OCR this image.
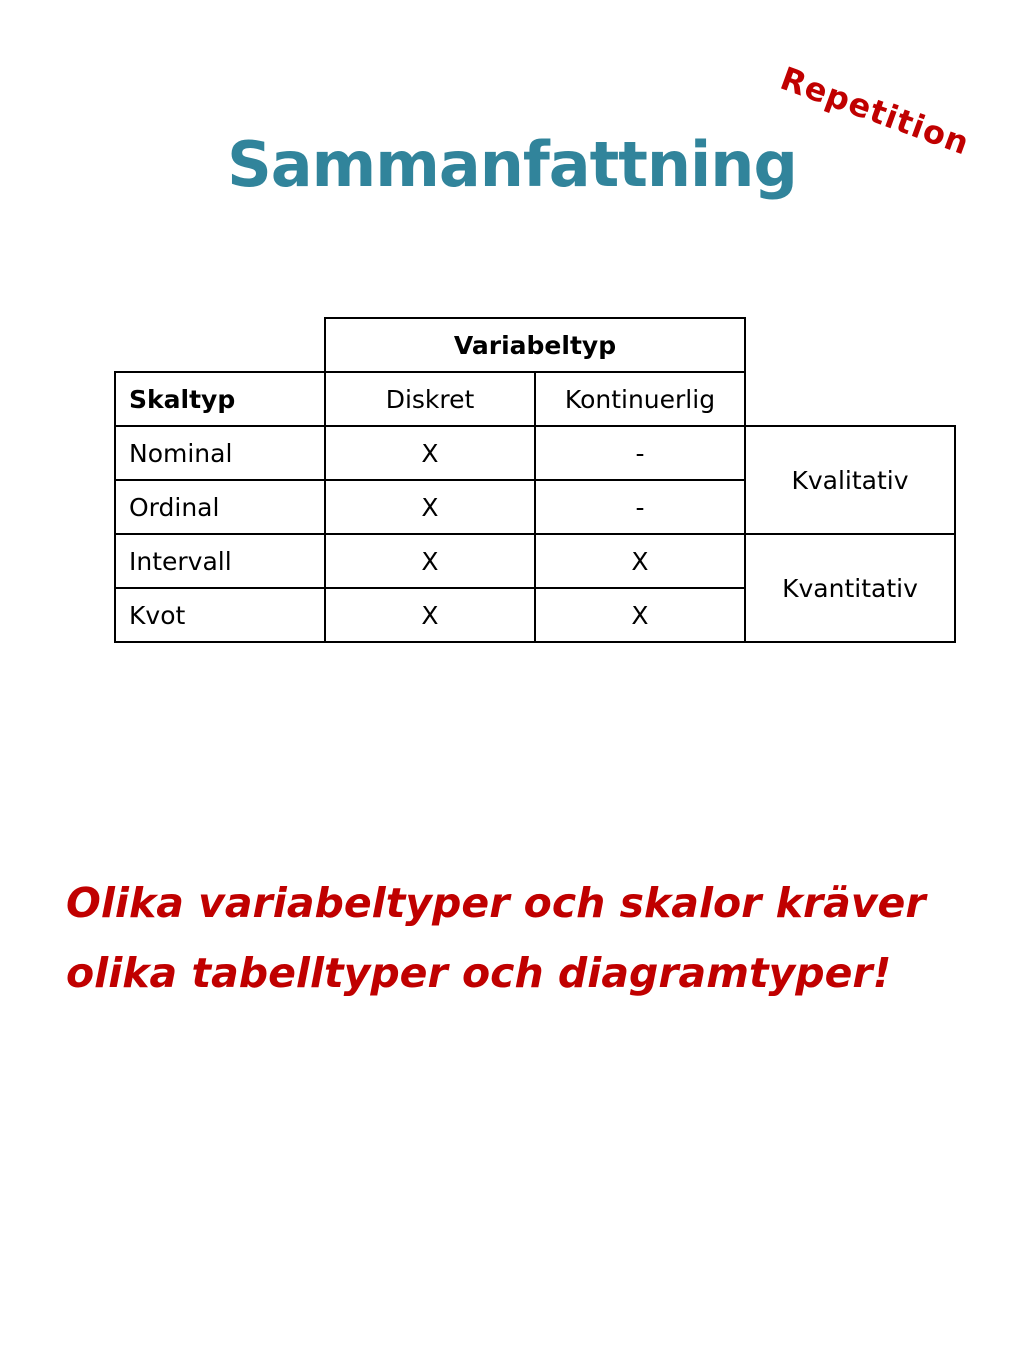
Repetition
Sammanfattning
	Variabeltyp		
Skaltyp	Diskret	Kontinuerlig	
Nominal	X	-	Kvalitativ
Ordinal	X	-	
Intervall	X	X	Kvantitativ
Kvot	X	X	

Olika variabeltyper och skalor kräver
olika tabelltyper och diagramtyper!
